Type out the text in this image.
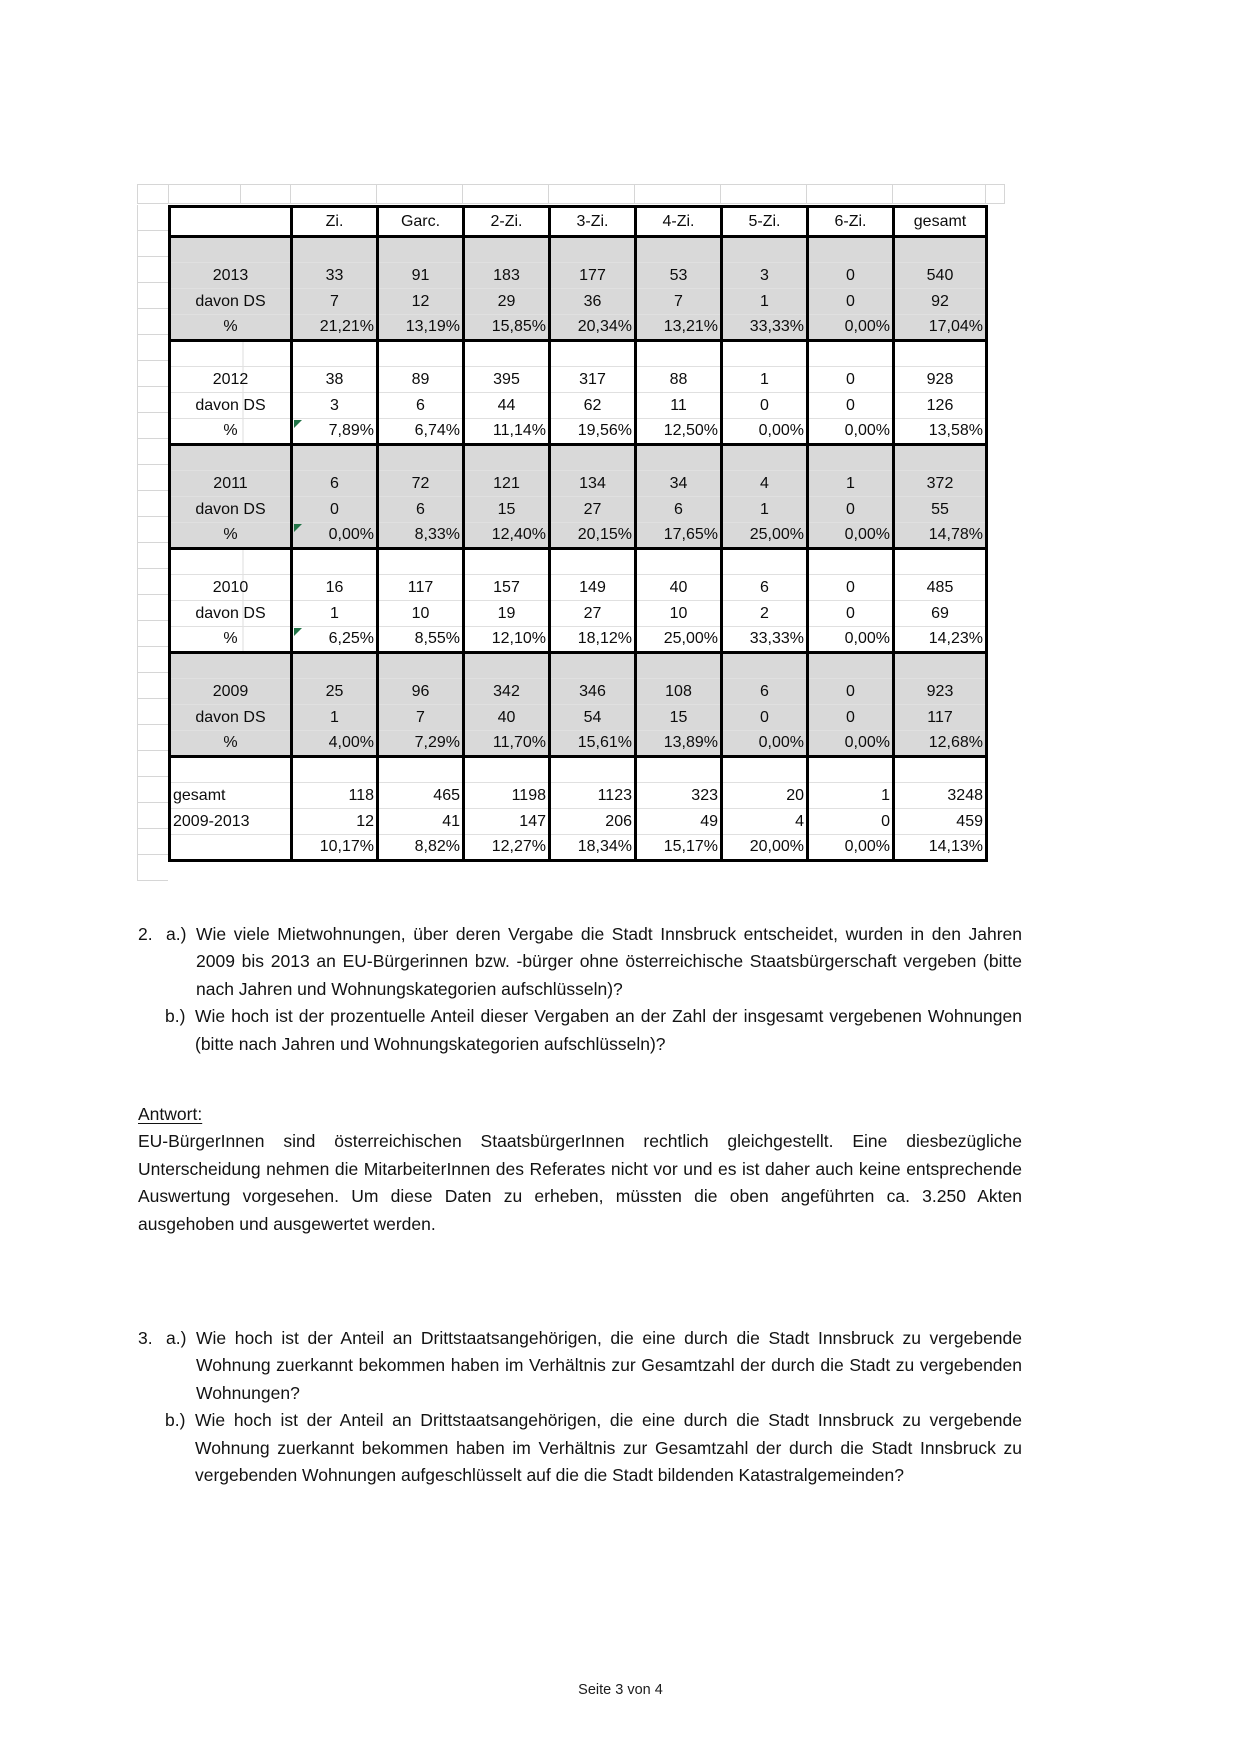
	Zi.	Garc.	2-Zi.	3-Zi.	4-Zi.	5-Zi.	6-Zi.	gesamt

2013	33	91	183	177	53	3	0	540
davon DS	7	12	29	36	7	1	0	92
%	21,21%	13,19%	15,85%	20,34%	13,21%	33,33%	0,00%	17,04%

2012	38	89	395	317	88	1	0	928
davon DS	3	6	44	62	11	0	0	126
%	7,89%	6,74%	11,14%	19,56%	12,50%	0,00%	0,00%	13,58%

2011	6	72	121	134	34	4	1	372
davon DS	0	6	15	27	6	1	0	55
%	0,00%	8,33%	12,40%	20,15%	17,65%	25,00%	0,00%	14,78%

2010	16	117	157	149	40	6	0	485
davon DS	1	10	19	27	10	2	0	69
%	6,25%	8,55%	12,10%	18,12%	25,00%	33,33%	0,00%	14,23%

2009	25	96	342	346	108	6	0	923
davon DS	1	7	40	54	15	0	0	117
%	4,00%	7,29%	11,70%	15,61%	13,89%	0,00%	0,00%	12,68%

gesamt	118	465	1198	1123	323	20	1	3248
2009-2013	12	41	147	206	49	4	0	459
	10,17%	8,82%	12,27%	18,34%	15,17%	20,00%	0,00%	14,13%
2. a.) Wie viele Mietwohnungen, über deren Vergabe die Stadt Innsbruck entscheidet, wurden in den Jahren 2009 bis 2013 an EU-Bürgerinnen bzw. -bürger ohne österreichische Staatsbürgerschaft vergeben (bitte nach Jahren und Wohnungskategorien aufschlüsseln)?
b.) Wie hoch ist der prozentuelle Anteil dieser Vergaben an der Zahl der insgesamt vergebenen Wohnungen (bitte nach Jahren und Wohnungskategorien aufschlüsseln)?
Antwort:
EU-BürgerInnen sind österreichischen StaatsbürgerInnen rechtlich gleichgestellt. Eine diesbezügliche Unterscheidung nehmen die MitarbeiterInnen des Referates nicht vor und es ist daher auch keine entsprechende Auswertung vorgesehen. Um diese Daten zu erheben, müssten die oben angeführten ca. 3.250 Akten ausgehoben und ausgewertet werden.
3. a.) Wie hoch ist der Anteil an Drittstaatsangehörigen, die eine durch die Stadt Innsbruck zu vergebende Wohnung zuerkannt bekommen haben im Verhältnis zur Gesamtzahl der durch die Stadt zu vergebenden Wohnungen?
b.) Wie hoch ist der Anteil an Drittstaatsangehörigen, die eine durch die Stadt Innsbruck zu vergebende Wohnung zuerkannt bekommen haben im Verhältnis zur Gesamtzahl der durch die Stadt Innsbruck zu vergebenden Wohnungen aufgeschlüsselt auf die die Stadt bildenden Katastralgemeinden?
Seite 3 von 4
